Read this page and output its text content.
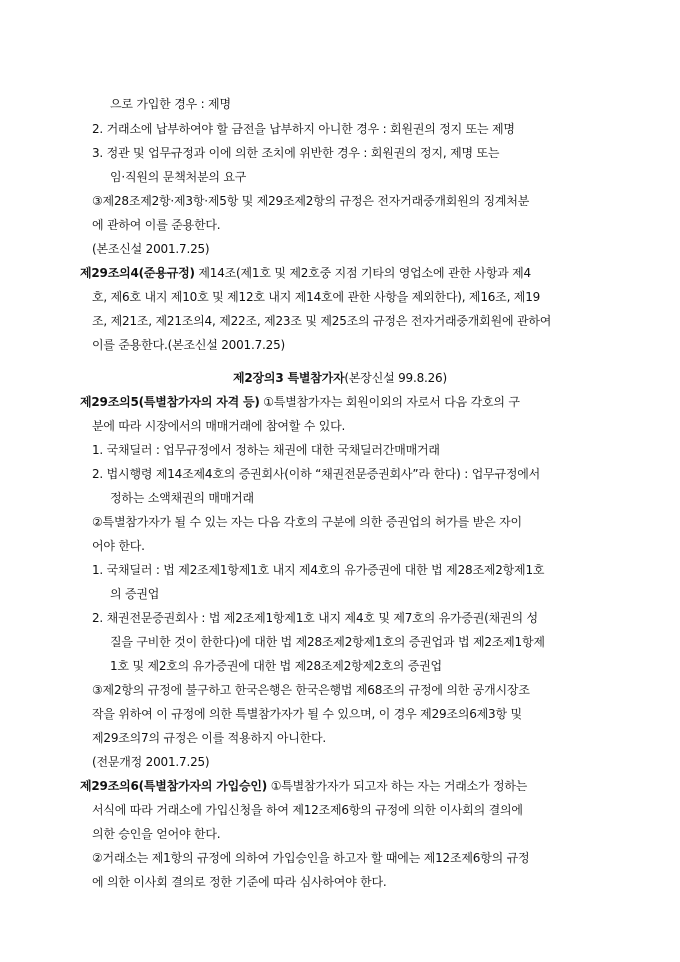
으로 가입한 경우 : 제명
2. 거래소에 납부하여야 할 금전을 납부하지 아니한 경우 : 회원권의 정지 또는 제명
3. 정관 및 업무규정과 이에 의한 조치에 위반한 경우 : 회원권의 정지, 제명 또는
임·직원의 문책처분의 요구
③제28조제2항·제3항·제5항 및 제29조제2항의 규정은 전자거래중개회원의 징계처분
에 관하여 이를 준용한다.
(본조신설 2001.7.25)
제29조의4(준용규정) 제14조(제1호 및 제2호중 지점 기타의 영업소에 관한 사항과 제4
호, 제6호 내지 제10호 및 제12호 내지 제14호에 관한 사항을 제외한다), 제16조, 제19
조, 제21조, 제21조의4, 제22조, 제23조 및 제25조의 규정은 전자거래중개회원에 관하여
이를 준용한다.(본조신설 2001.7.25)
제2장의3 특별참가자(본장신설 99.8.26)
제29조의5(특별참가자의 자격 등) ①특별참가자는 회원이외의 자로서 다음 각호의 구
분에 따라 시장에서의 매매거래에 참여할 수 있다.
1. 국채딜러 : 업무규정에서 정하는 채권에 대한 국채딜러간매매거래
2. 법시행령 제14조제4호의 증권회사(이하 “채권전문증권회사”라 한다) : 업무규정에서
정하는 소액채권의 매매거래
②특별참가자가 될 수 있는 자는 다음 각호의 구분에 의한 증권업의 허가를 받은 자이
어야 한다.
1. 국채딜러 : 법 제2조제1항제1호 내지 제4호의 유가증권에 대한 법 제28조제2항제1호
의 증권업
2. 채권전문증권회사 : 법 제2조제1항제1호 내지 제4호 및 제7호의 유가증권(채권의 성
질을 구비한 것이 한한다)에 대한 법 제28조제2항제1호의 증권업과 법 제2조제1항제
1호 및 제2호의 유가증권에 대한 법 제28조제2항제2호의 증권업
③제2항의 규정에 불구하고 한국은행은 한국은행법 제68조의 규정에 의한 공개시장조
작을 위하여 이 규정에 의한 특별참가자가 될 수 있으며, 이 경우 제29조의6제3항 및
제29조의7의 규정은 이를 적용하지 아니한다.
(전문개정 2001.7.25)
제29조의6(특별참가자의 가입승인) ①특별참가자가 되고자 하는 자는 거래소가 정하는
서식에 따라 거래소에 가입신청을 하여 제12조제6항의 규정에 의한 이사회의 결의에
의한 승인을 얻어야 한다.
②거래소는 제1항의 규정에 의하여 가입승인을 하고자 할 때에는 제12조제6항의 규정
에 의한 이사회 결의로 정한 기준에 따라 심사하여야 한다.
